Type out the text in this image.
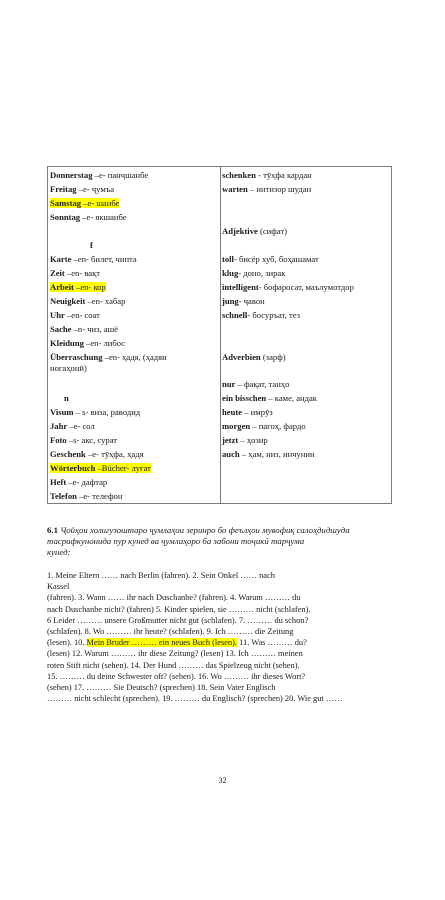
Donnerstag –e- панҷшанбе
Freitag –e- ҷумъа
Samstag –e- шанбе
Sonntag –e- якшанбе
f
Karte –en- билет, чипта
Zeit –en- вақт
Arbeit –en- кор
Neuigkeit –en- хабар
Uhr –en- соат
Sache –n- чиз, ашё
Kleidung –en- либос
Überraschung –en- ҳадя, (ҳадяи
ногаҳонӣ)
n
Visum – s- виза, раводид
Jahr –e- сол
Foto –s- акс, сурат
Geschenk –e- тӯҳфа, ҳадя
Wörterbuch –Bücher- луғат
Heft –e- дафтар
Telefon –e- телефон
schenken - тӯҳфа кардан
warten – интизор шудан
Adjektive (сифат)
toll- бисёр хуб, боҳашамат
klug- доно, зирак
intelligent- бофаросат, маълумотдор
jung- ҷавон
schnell- босуръат, тез
Adverbien (зарф)
nur – фақат, танҳо
ein bisschen – каме, андак
heute – имрӯз
morgen – пагоҳ, фардо
jetzt – ҳозир
auch – ҳам, низ, инчунин

6.1 Ҷойҳои холигузоштаро ҷумлаҳои зеринро бо феълҳои мувофиқ салоҳдидшуда

тасрифкунонида пур кунед ва ҷумлаҳоро ба забони тоҷикӣ тарҷума

кунед:

1. Meine Eltern …… nach Berlin (fahren). 2. Sein Onkel …… nach

Kassel

(fahren). 3. Wann …… ihr nach Duschanbe? (fahren). 4. Warum ……… du

nach Duschanbe nicht? (fahren) 5. Kinder spielen, sie ……… nicht (schlafen).

6 Leider ……… unsere Großmutter nicht gut (schlafen). 7. ……… du schon?

(schlafen). 8. Wo ……… ihr heute? (schlafen). 9. Ich ……… die Zeitung

(lesen). 10. Mein Bruder ……… ein neues Buch (lesen). 11. Was ……… du?

(lesen) 12. Warum ……… ihr diese Zeitung? (lesen) 13. Ich ……… meinen

roten Stift nicht (sehen). 14. Der Hund ……… das Spielzeug nicht (sehen).

15. ……… du deine Schwester oft? (sehen). 16. Wo ……… ihr dieses Wort?

(sehen) 17. ……… Sie Deutsch? (sprechen) 18. Sein Vater Englisch

……… nicht schlecht (sprechen). 19. ……… du Englisch? (sprechen) 20. Wie gut ……

32
